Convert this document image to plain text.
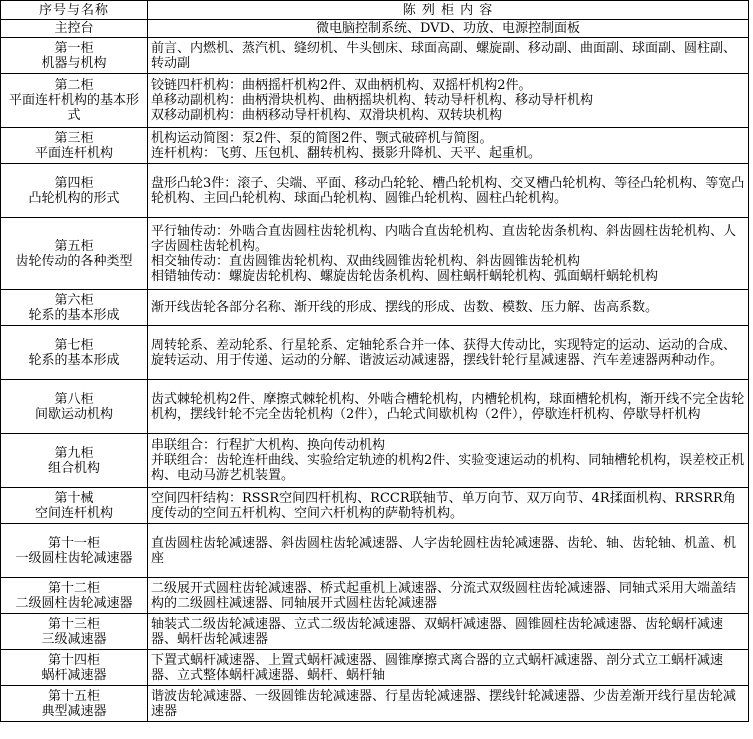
序号与名称	陈 列 柜 内 容

主控台	微电脑控制系统、DVD、功放、电源控制面板

第一柜
机器与机构	前言、内燃机、蒸汽机、缝纫机、牛头刨床、球面高副、螺旋副、移动副、曲面副、球面副、圆柱副、转动副

第二柜
平面连杆机构的基本形式	铰链四杆机构：曲柄摇杆机构2件、双曲柄机构、双摇杆机构2件。
单移动副机构：曲柄滑块机构、曲柄摇块机构、转动导杆机构、移动导杆机构
双移动副机构：曲柄移动导杆机构、双滑块机构、双转块机构

第三柜
平面连杆机构	机构运动简图：泵2件、泵的简图2件、颚式破碎机与简图。
连杆机构：飞剪、压包机、翻转机构、摄影升降机、天平、起重机。

第四柜
凸轮机构的形式	盘形凸轮3件：滚子、尖端、平面、移动凸轮轮、槽凸轮机构、交叉槽凸轮机构、等径凸轮机构、等宽凸轮机构、主回凸轮机构、球面凸轮机构、圆锥凸轮机构、圆柱凸轮机构。

第五柜
齿轮传动的各种类型	平行轴传动：外啮合直齿圆柱齿轮机构、内啮合直齿轮机构、直齿轮齿条机构、斜齿圆柱齿轮机构、人字齿圆柱齿轮机构。
相交轴传动：直齿圆锥齿轮机构、双曲线圆锥齿轮机构、斜齿圆锥齿轮机构
相错轴传动：螺旋齿轮机构、螺旋齿轮齿条机构、圆柱蜗杆蜗轮机构、弧面蜗杆蜗轮机构

第六柜
轮系的基本形成	渐开线齿轮各部分名称、渐开线的形成、摆线的形成、齿数、模数、压力解、齿高系数。

第七柜
轮系的基本形成	周转轮系、差动轮系、行星轮系、定轴轮系合并一体、获得大传动比，实现特定的运动、运动的合成、旋转运动、用于传递、运动的分解、谐波运动减速器，摆线针轮行星减速器、汽车差速器两种动作。

第八柜
间歇运动机构	齿式棘轮机构2件、摩擦式棘轮机构、外啮合槽轮机构，内槽轮机构，球面槽轮机构，渐开线不完全齿轮机构，摆线针轮不完全齿轮机构（2件），凸轮式间歇机构（2件），停歇连杆机构、停歇导杆机构

第九柜
组合机构	串联组合：行程扩大机构、换向传动机构
并联组合：齿轮连杆曲线、实验给定轨迹的机构2件、实验变速运动的机构、同轴槽轮机构，误差校正机构、电动马游艺机装置。

第十械
空间连杆机构	空间四杆结构：RSSR空间四杆机构、RCCR联轴节、单万向节、双万向节、4R揉面机构、RRSRR角度传动的空间五杆机构、空间六杆机构的萨勒特机构。

第十一柜
一级圆柱齿轮减速器	直齿圆柱齿轮减速器、斜齿圆柱齿轮减速器、人字齿轮圆柱齿轮减速器、齿轮、轴、齿轮轴、机盖、机座

第十二柜
二级圆柱齿轮减速器	二级展开式圆柱齿轮减速器、桥式起重机上减速器、分流式双级圆柱齿轮减速器、同轴式采用大端盖结构的二级圆柱减速器、同轴展开式圆柱齿轮减速器

第十三柜
三级减速器	轴装式二级齿轮减速器、立式二级齿轮减速器、双蜗杆减速器、圆锥圆柱齿轮减速器、齿轮蜗杆减速器、蜗杆齿轮减速器

第十四柜
蜗杆减速器	下置式蜗杆减速器、上置式蜗杆减速器、圆锥摩擦式离合器的立式蜗杆减速器、剖分式立工蜗杆减速器、立式整体蜗杆减速器、蜗杆、蜗杆轴

第十五柜
典型减速器	谐波齿轮减速器、一级圆锥齿轮减速器、行星齿轮减速器、摆线针轮减速器、少齿差渐开线行星齿轮减速器
